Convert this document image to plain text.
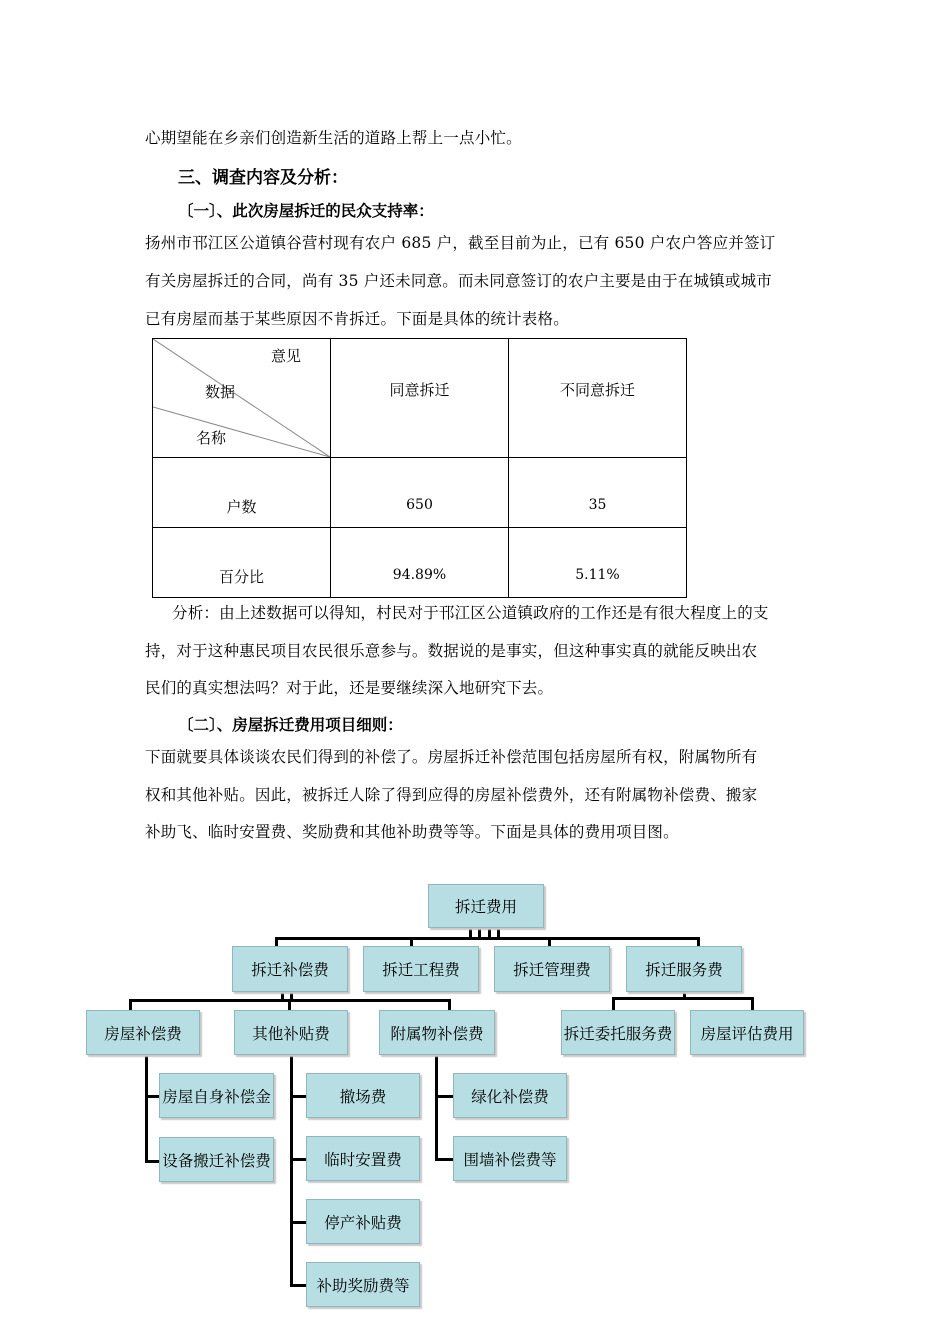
心期望能在乡亲们创造新生活的道路上帮上一点小忙。
三、调查内容及分析：
〔一〕、此次房屋拆迁的民众支持率：
扬州市邗江区公道镇谷营村现有农户 685 户，截至目前为止，已有 650 户农户答应并签订
有关房屋拆迁的合同，尚有 35 户还未同意。而未同意签订的农户主要是由于在城镇或城市
已有房屋而基于某些原因不肯拆迁。下面是具体的统计表格。
意见
数据
名称	同意拆迁	不同意拆迁

户数	650	35

百分比	94.89%	5.11%
分析：由上述数据可以得知，村民对于邗江区公道镇政府的工作还是有很大程度上的支
持，对于这种惠民项目农民很乐意参与。数据说的是事实，但这种事实真的就能反映出农
民们的真实想法吗？对于此，还是要继续深入地研究下去。
〔二〕、房屋拆迁费用项目细则：
下面就要具体谈谈农民们得到的补偿了。房屋拆迁补偿范围包括房屋所有权，附属物所有
权和其他补贴。因此，被拆迁人除了得到应得的房屋补偿费外，还有附属物补偿费、搬家
补助飞、临时安置费、奖励费和其他补助费等等。下面是具体的费用项目图。
拆迁费用
拆迁补偿费	拆迁工程费	拆迁管理费	拆迁服务费
房屋补偿费	其他补贴费	附属物补偿费	拆迁委托服务费	房屋评估费用
房屋自身补偿金
设备搬迁补偿费
撤场费
临时安置费
停产补贴费
补助奖励费等
绿化补偿费
围墙补偿费等
